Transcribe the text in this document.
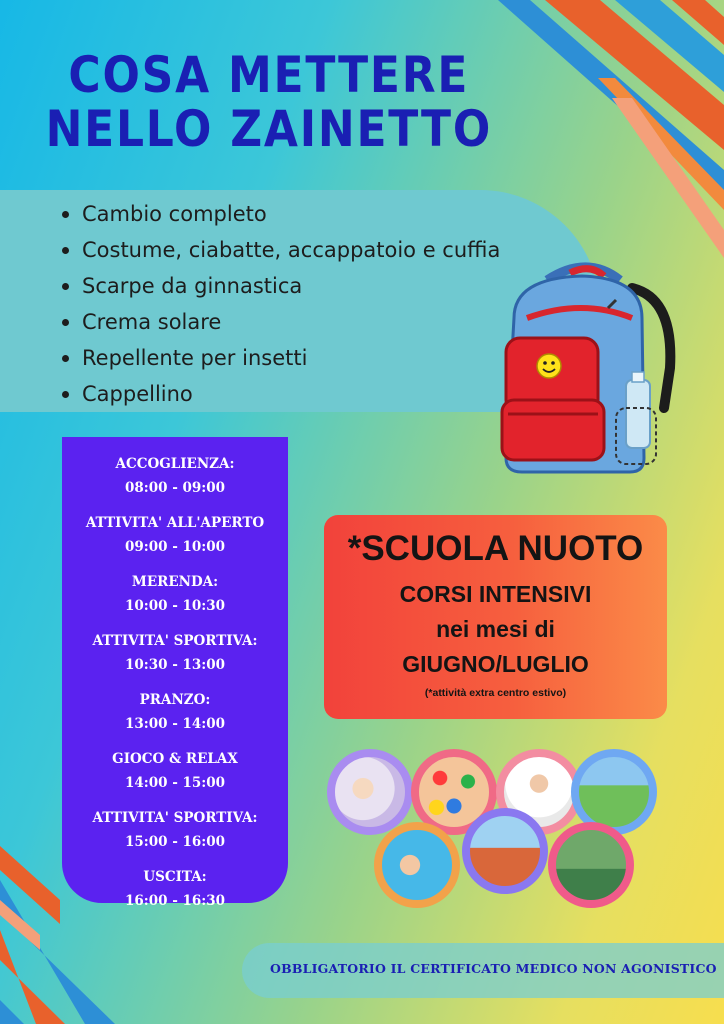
COSA METTERE
NELLO ZAINETTO
Cambio completo
Costume, ciabatte, accappatoio e cuffia
Scarpe da ginnastica
Crema solare
Repellente per insetti
Cappellino
ACCOGLIENZA:
08:00 - 09:00
ATTIVITA' ALL'APERTO
09:00 - 10:00
MERENDA:
10:00 - 10:30
ATTIVITA' SPORTIVA:
10:30 - 13:00
PRANZO:
13:00 - 14:00
GIOCO & RELAX
14:00 - 15:00
ATTIVITA' SPORTIVA:
15:00 - 16:00
USCITA:
16:00 - 16:30
*SCUOLA NUOTO
CORSI INTENSIVI
nei mesi di
GIUGNO/LUGLIO
(*attività extra centro estivo)
OBBLIGATORIO IL CERTIFICATO MEDICO NON AGONISTICO
